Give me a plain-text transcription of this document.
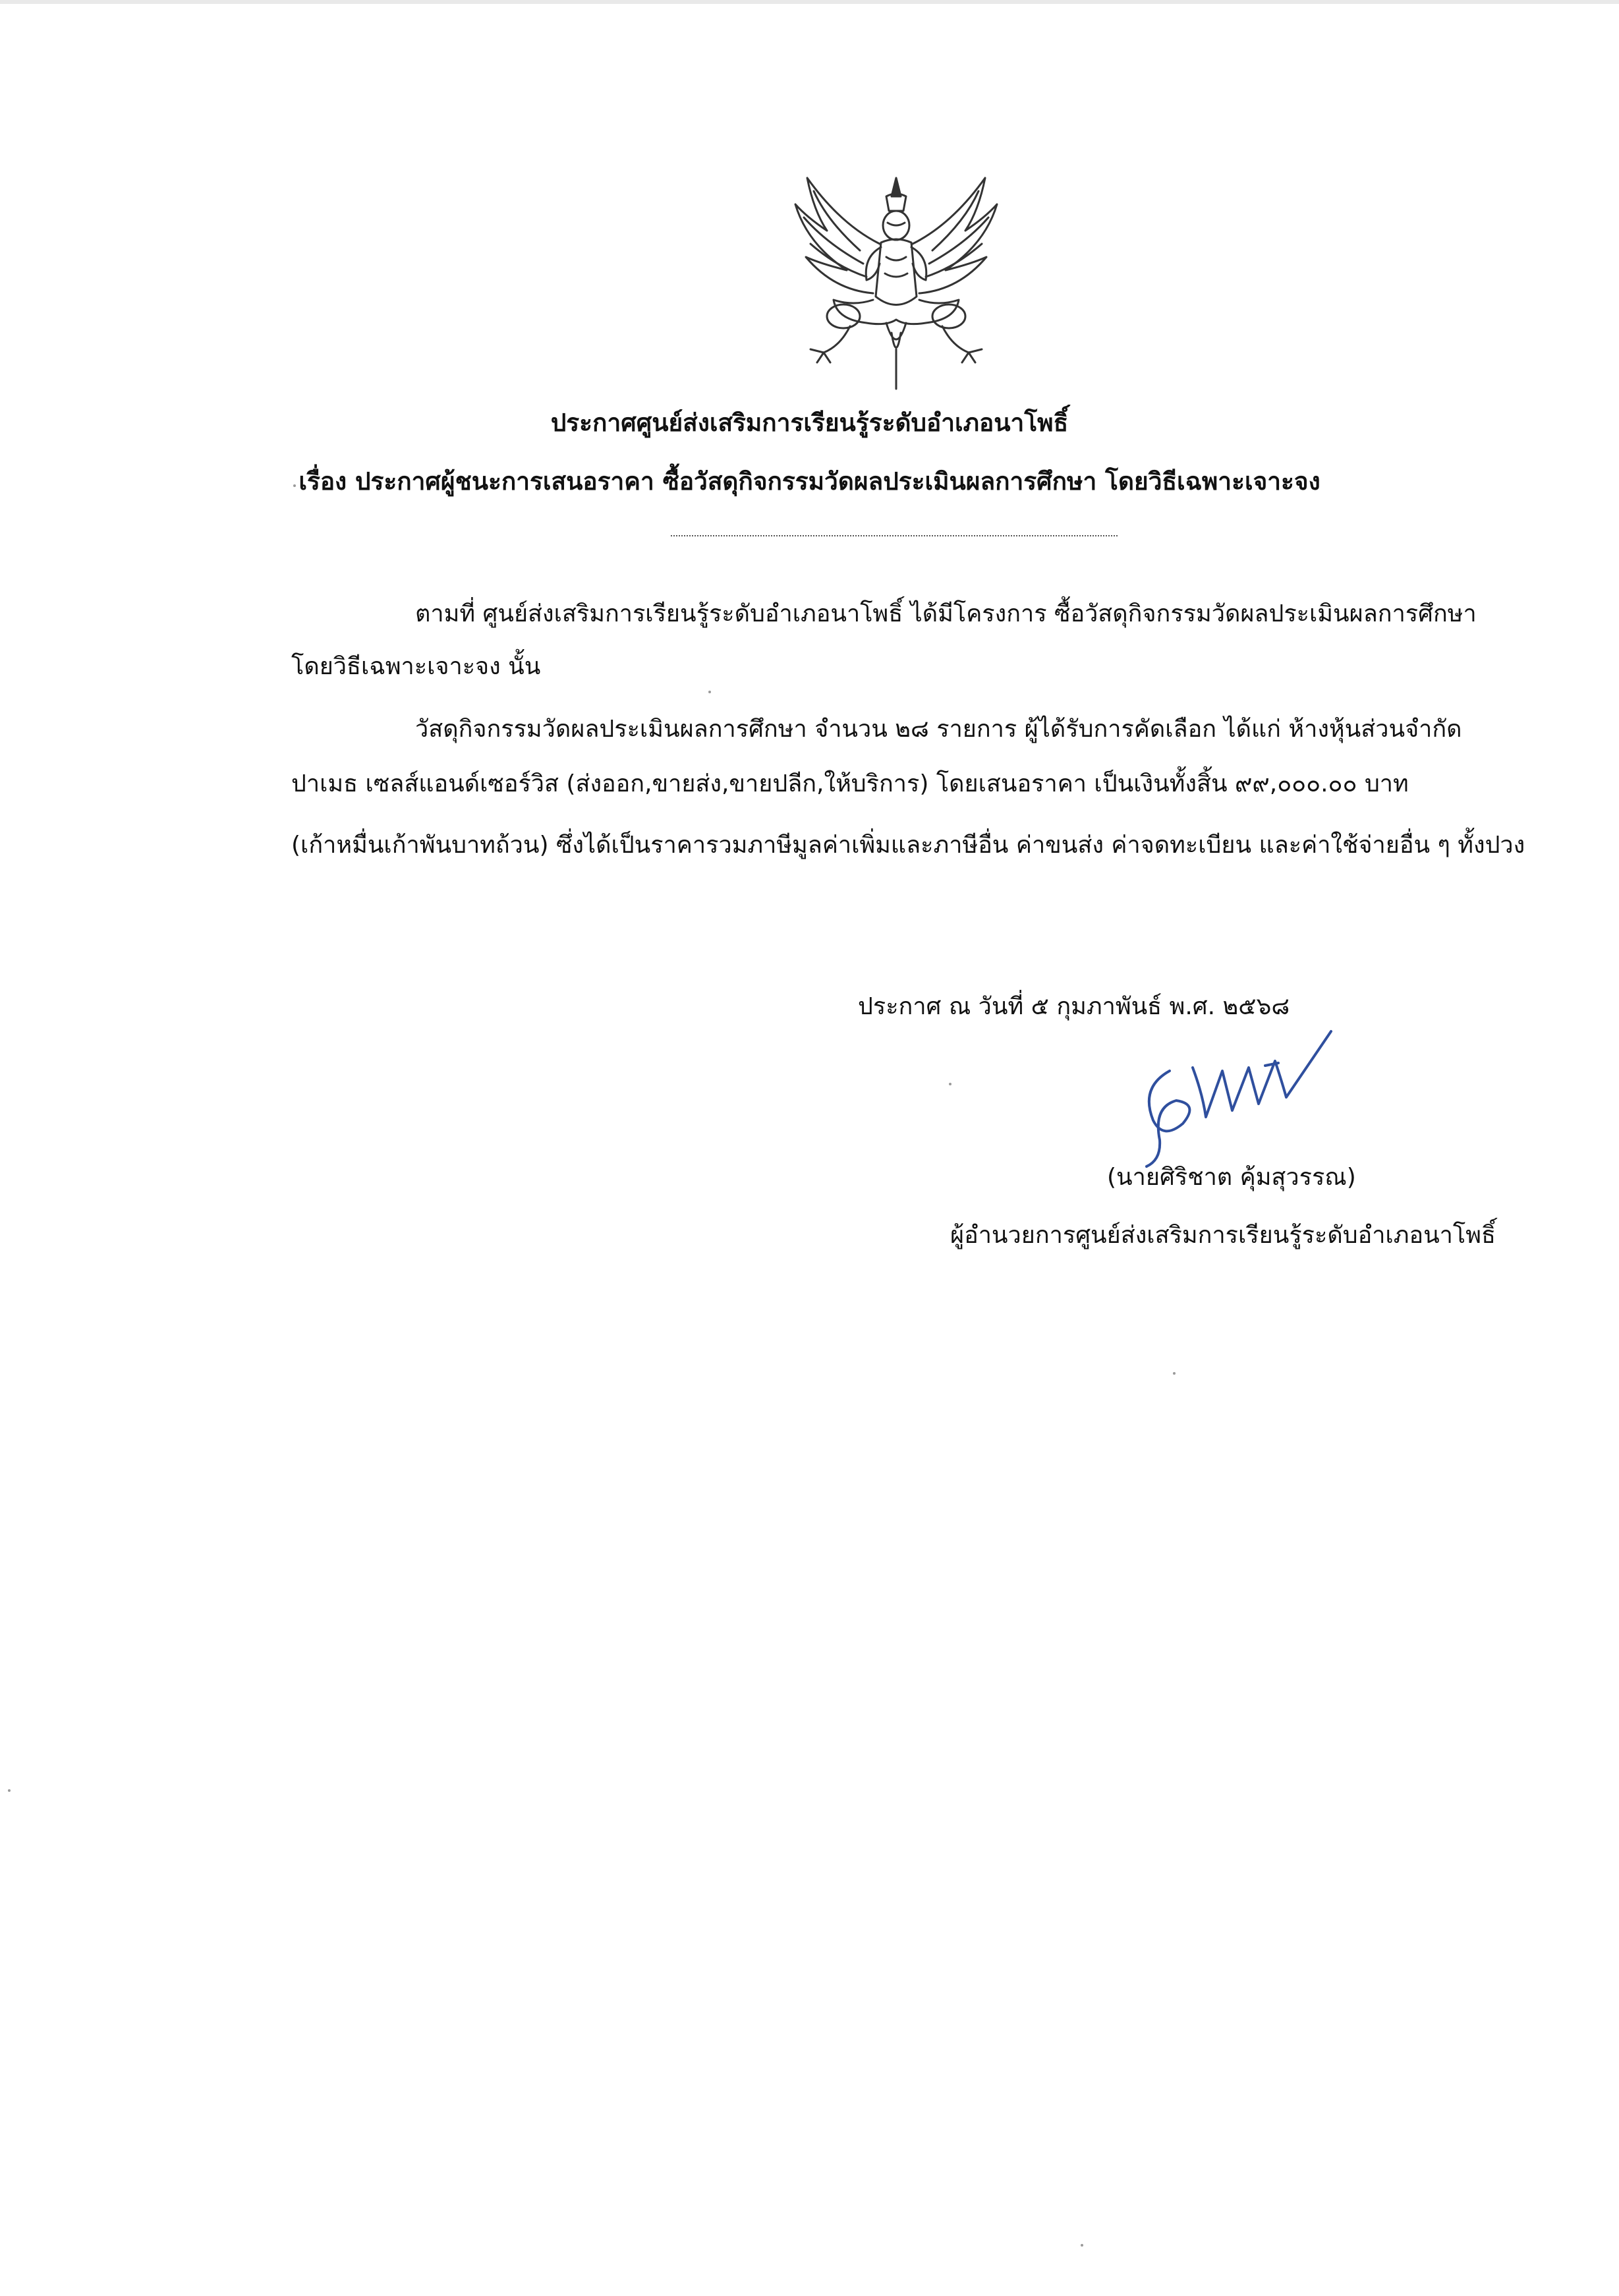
ประกาศศูนย์ส่งเสริมการเรียนรู้ระดับอำเภอนาโพธิ์
เรื่อง ประกาศผู้ชนะการเสนอราคา ซื้อวัสดุกิจกรรมวัดผลประเมินผลการศึกษา โดยวิธีเฉพาะเจาะจง
ตามที่ ศูนย์ส่งเสริมการเรียนรู้ระดับอำเภอนาโพธิ์ ได้มีโครงการ ซื้อวัสดุกิจกรรมวัดผลประเมินผลการศึกษา
โดยวิธีเฉพาะเจาะจง นั้น
วัสดุกิจกรรมวัดผลประเมินผลการศึกษา จำนวน ๒๘ รายการ ผู้ได้รับการคัดเลือก ได้แก่ ห้างหุ้นส่วนจำกัด
ปาเมธ เซลส์แอนด์เซอร์วิส (ส่งออก,ขายส่ง,ขายปลีก,ให้บริการ) โดยเสนอราคา เป็นเงินทั้งสิ้น ๙๙,๐๐๐.๐๐ บาท
(เก้าหมื่นเก้าพันบาทถ้วน) ซึ่งได้เป็นราคารวมภาษีมูลค่าเพิ่มและภาษีอื่น ค่าขนส่ง ค่าจดทะเบียน และค่าใช้จ่ายอื่น ๆ ทั้งปวง
ประกาศ ณ วันที่ ๕ กุมภาพันธ์ พ.ศ. ๒๕๖๘
(นายศิริชาต คุ้มสุวรรณ)
ผู้อำนวยการศูนย์ส่งเสริมการเรียนรู้ระดับอำเภอนาโพธิ์
